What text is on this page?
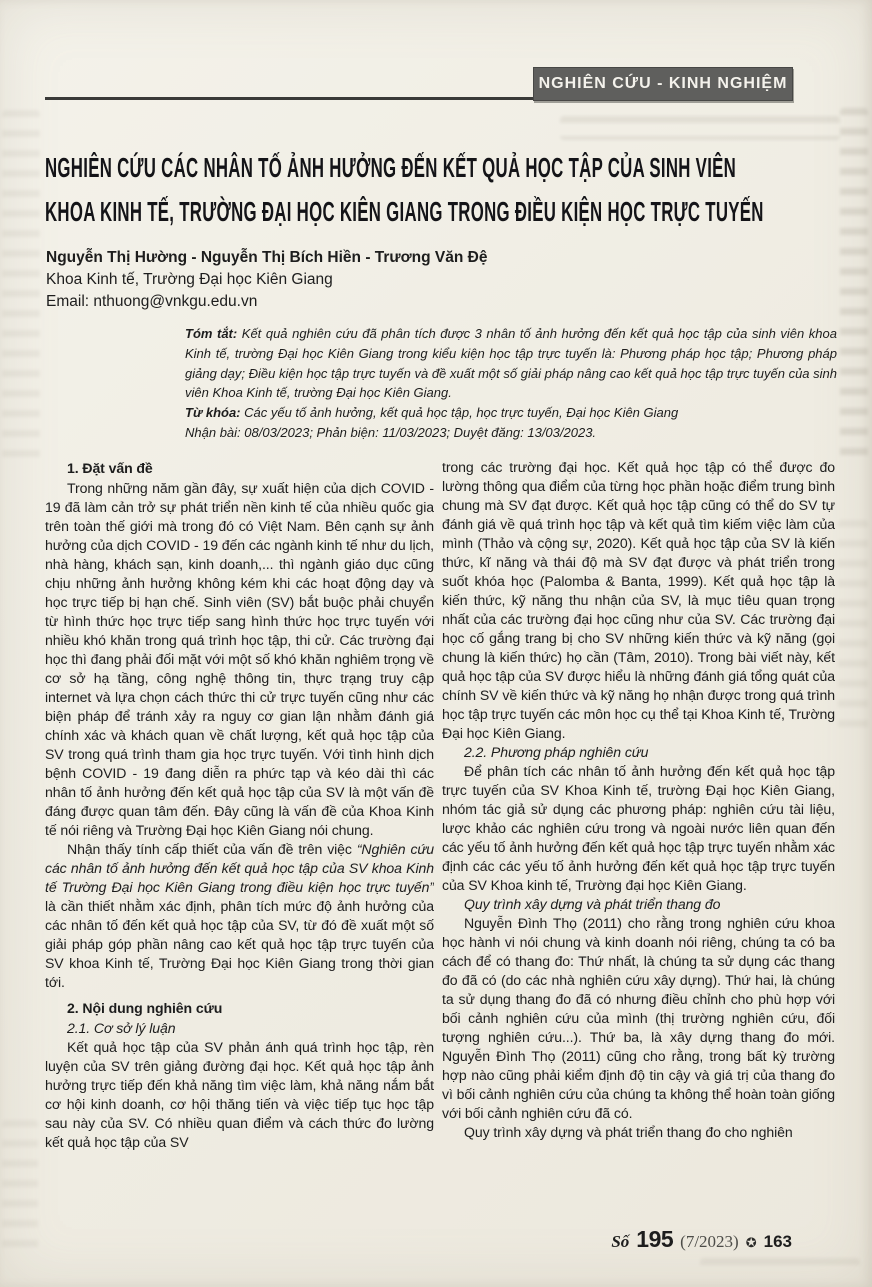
NGHIÊN CỨU - KINH NGHIỆM
NGHIÊN CỨU CÁC NHÂN TỐ ẢNH HƯỞNG ĐẾN KẾT QUẢ HỌC TẬP CỦA SINH VIÊN
KHOA KINH TẾ, TRƯỜNG ĐẠI HỌC KIÊN GIANG TRONG ĐIỀU KIỆN HỌC TRỰC TUYẾN
Nguyễn Thị Hường - Nguyễn Thị Bích Hiền - Trương Văn Đệ
Khoa Kinh tế, Trường Đại học Kiên Giang
Email: nthuong@vnkgu.edu.vn
Tóm tắt: Kết quả nghiên cứu đã phân tích được 3 nhân tố ảnh hưởng đến kết quả học tập của sinh viên khoa Kinh tế, trường Đại học Kiên Giang trong kiểu kiện học tập trực tuyến là: Phương pháp học tập; Phương pháp giảng dạy; Điều kiện học tập trực tuyến và đề xuất một số giải pháp nâng cao kết quả học tập trực tuyến của sinh viên Khoa Kinh tế, trường Đại học Kiên Giang.
Từ khóa: Các yếu tố ảnh hưởng, kết quả học tập, học trực tuyến, Đại học Kiên Giang
Nhận bài: 08/03/2023; Phản biện: 11/03/2023; Duyệt đăng: 13/03/2023.
1. Đặt vấn đề

Trong những năm gần đây, sự xuất hiện của dịch COVID - 19 đã làm cản trở sự phát triển nền kinh tế của nhiều quốc gia trên toàn thế giới mà trong đó có Việt Nam. Bên cạnh sự ảnh hưởng của dịch COVID - 19 đến các ngành kinh tế như du lịch, nhà hàng, khách sạn, kinh doanh,... thì ngành giáo dục cũng chịu những ảnh hưởng không kém khi các hoạt động dạy và học trực tiếp bị hạn chế. Sinh viên (SV) bắt buộc phải chuyển từ hình thức học trực tiếp sang hình thức học trực tuyến với nhiều khó khăn trong quá trình học tập, thi cử. Các trường đại học thì đang phải đối mặt với một số khó khăn nghiêm trọng về cơ sở hạ tầng, công nghệ thông tin, thực trạng truy cập internet và lựa chọn cách thức thi cử trực tuyến cũng như các biện pháp để tránh xảy ra nguy cơ gian lận nhằm đánh giá chính xác và khách quan về chất lượng, kết quả học tập của SV trong quá trình tham gia học trực tuyến. Với tình hình dịch bệnh COVID - 19 đang diễn ra phức tạp và kéo dài thì các nhân tố ảnh hưởng đến kết quả học tập của SV là một vấn đề đáng được quan tâm đến. Đây cũng là vấn đề của Khoa Kinh tế nói riêng và Trường Đại học Kiên Giang nói chung.

Nhận thấy tính cấp thiết của vấn đề trên việc “Nghiên cứu các nhân tố ảnh hưởng đến kết quả học tập của SV khoa Kinh tế Trường Đại học Kiên Giang trong điều kiện học trực tuyến” là cần thiết nhằm xác định, phân tích mức độ ảnh hưởng của các nhân tố đến kết quả học tập của SV, từ đó đề xuất một số giải pháp góp phần nâng cao kết quả học tập trực tuyến của SV khoa Kinh tế, Trường Đại học Kiên Giang trong thời gian tới.

2. Nội dung nghiên cứu
2.1. Cơ sở lý luận

Kết quả học tập của SV phản ánh quá trình học tập, rèn luyện của SV trên giảng đường đại học. Kết quả học tập ảnh hưởng trực tiếp đến khả năng tìm việc làm, khả năng nắm bắt cơ hội kinh doanh, cơ hội thăng tiến và việc tiếp tục học tập sau này của SV. Có nhiều quan điểm và cách thức đo lường kết quả học tập của SV

trong các trường đại học. Kết quả học tập có thể được đo lường thông qua điểm của từng học phần hoặc điểm trung bình chung mà SV đạt được. Kết quả học tập cũng có thể do SV tự đánh giá về quá trình học tập và kết quả tìm kiếm việc làm của mình (Thảo và cộng sự, 2020). Kết quả học tập của SV là kiến thức, kĩ năng và thái độ mà SV đạt được và phát triển trong suốt khóa học (Palomba & Banta, 1999). Kết quả học tập là kiến thức, kỹ năng thu nhận của SV, là mục tiêu quan trọng nhất của các trường đại học cũng như của SV. Các trường đại học cố gắng trang bị cho SV những kiến thức và kỹ năng (gọi chung là kiến thức) họ cần (Tâm, 2010). Trong bài viết này, kết quả học tập của SV được hiểu là những đánh giá tổng quát của chính SV về kiến thức và kỹ năng họ nhận được trong quá trình học tập trực tuyến các môn học cụ thể tại Khoa Kinh tế, Trường Đại học Kiên Giang.

2.2. Phương pháp nghiên cứu

Để phân tích các nhân tố ảnh hưởng đến kết quả học tập trực tuyến của SV Khoa Kinh tế, trường Đại học Kiên Giang, nhóm tác giả sử dụng các phương pháp: nghiên cứu tài liệu, lược khảo các nghiên cứu trong và ngoài nước liên quan đến các yếu tố ảnh hưởng đến kết quả học tập trực tuyến nhằm xác định các các yếu tố ảnh hưởng đến kết quả học tập trực tuyến của SV Khoa kinh tế, Trường đại học Kiên Giang.

Quy trình xây dựng và phát triển thang đo

Nguyễn Đình Thọ (2011) cho rằng trong nghiên cứu khoa học hành vi nói chung và kinh doanh nói riêng, chúng ta có ba cách để có thang đo: Thứ nhất, là chúng ta sử dụng các thang đo đã có (do các nhà nghiên cứu xây dựng). Thứ hai, là chúng ta sử dụng thang đo đã có nhưng điều chỉnh cho phù hợp với bối cảnh nghiên cứu của mình (thị trường nghiên cứu, đối tượng nghiên cứu...). Thứ ba, là xây dựng thang đo mới. Nguyễn Đình Thọ (2011) cũng cho rằng, trong bất kỳ trường hợp nào cũng phải kiểm định độ tin cậy và giá trị của thang đo vì bối cảnh nghiên cứu của chúng ta không thể hoàn toàn giống với bối cảnh nghiên cứu đã có.

Quy trình xây dựng và phát triển thang đo cho nghiên

Số 195 (7/2023) ✪ 163
